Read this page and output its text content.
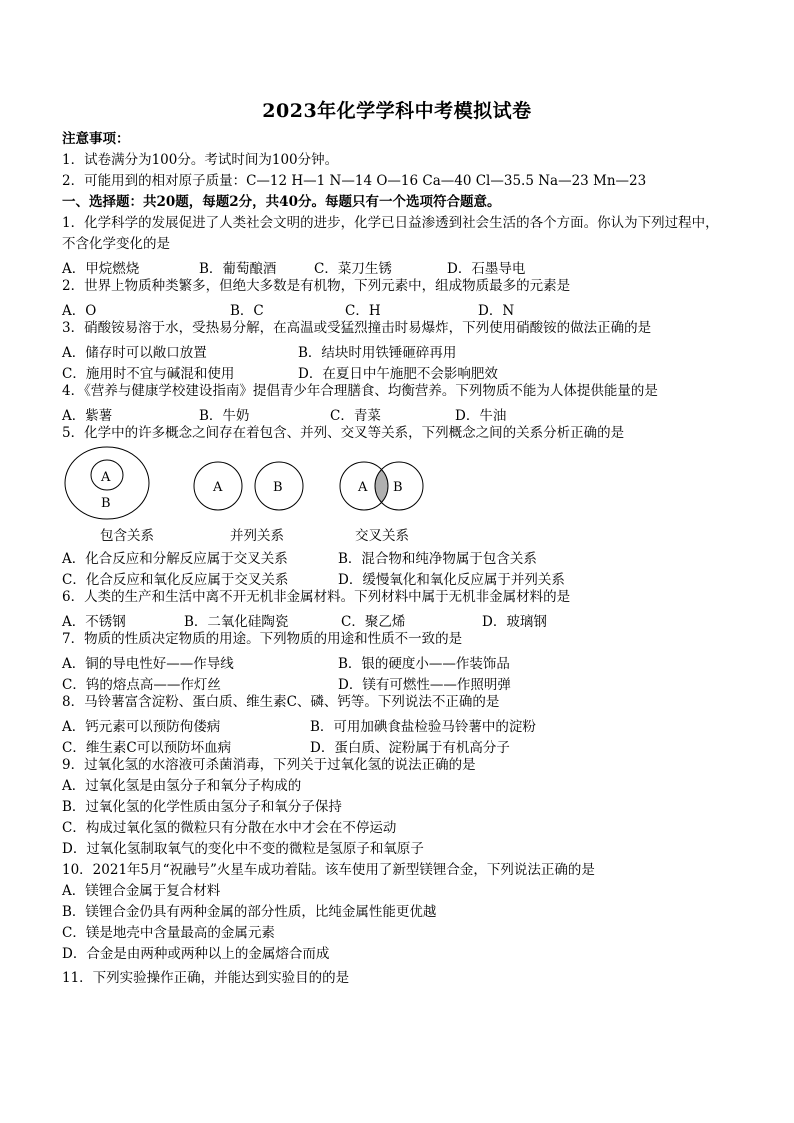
2023年化学学科中考模拟试卷
注意事项：
1．试卷满分为100分。考试时间为100分钟。
2．可能用到的相对原子质量：C—12 H—1 N—14 O—16 Ca—40 Cl—35.5 Na—23 Mn—23
一、选择题：共20题，每题2分，共40分。每题只有一个选项符合题意。
1．化学科学的发展促进了人类社会文明的进步，化学已日益渗透到社会生活的各个方面。你认为下列过程中，
不含化学变化的是
A．甲烷燃烧	B．葡萄酿酒	C．菜刀生锈	D．石墨导电
2．世界上物质种类繁多，但绝大多数是有机物，下列元素中，组成物质最多的元素是
A．O	B．C	C．H	D．N
3．硝酸铵易溶于水，受热易分解，在高温或受猛烈撞击时易爆炸，下列使用硝酸铵的做法正确的是
A．储存时可以敞口放置	B．结块时用铁锤砸碎再用
C．施用时不宜与碱混和使用	D．在夏日中午施肥不会影响肥效
4．《营养与健康学校建设指南》提倡青少年合理膳食、均衡营养。下列物质不能为人体提供能量的是
A．紫薯	B．牛奶	C．青菜	D．牛油
5．化学中的许多概念之间存在着包含、并列、交叉等关系，下列概念之间的关系分析正确的是
A
B
A	B	A B
包含关系	并列关系	交叉关系
A．化合反应和分解反应属于交叉关系	B．混合物和纯净物属于包含关系
C．化合反应和氧化反应属于交叉关系	D．缓慢氧化和氧化反应属于并列关系
6．人类的生产和生活中离不开无机非金属材料。下列材料中属于无机非金属材料的是
A．不锈钢	B．二氧化硅陶瓷	C．聚乙烯	D．玻璃钢
7．物质的性质决定物质的用途。下列物质的用途和性质不一致的是
A．铜的导电性好——作导线	B．银的硬度小——作装饰品
C．钨的熔点高——作灯丝	D．镁有可燃性——作照明弹
8．马铃薯富含淀粉、蛋白质、维生素C、磷、钙等。下列说法不正确的是
A．钙元素可以预防佝偻病	B．可用加碘食盐检验马铃薯中的淀粉
C．维生素C可以预防坏血病	D．蛋白质、淀粉属于有机高分子
9．过氧化氢的水溶液可杀菌消毒，下列关于过氧化氢的说法正确的是
A．过氧化氢是由氢分子和氧分子构成的
B．过氧化氢的化学性质由氢分子和氧分子保持
C．构成过氧化氢的微粒只有分散在水中才会在不停运动
D．过氧化氢制取氧气的变化中不变的微粒是氢原子和氧原子
10．2021年5月“祝融号”火星车成功着陆。该车使用了新型镁锂合金，下列说法正确的是
A．镁锂合金属于复合材料
B．镁锂合金仍具有两种金属的部分性质，比纯金属性能更优越
C．镁是地壳中含量最高的金属元素
D．合金是由两种或两种以上的金属熔合而成
11．下列实验操作正确，并能达到实验目的的是
